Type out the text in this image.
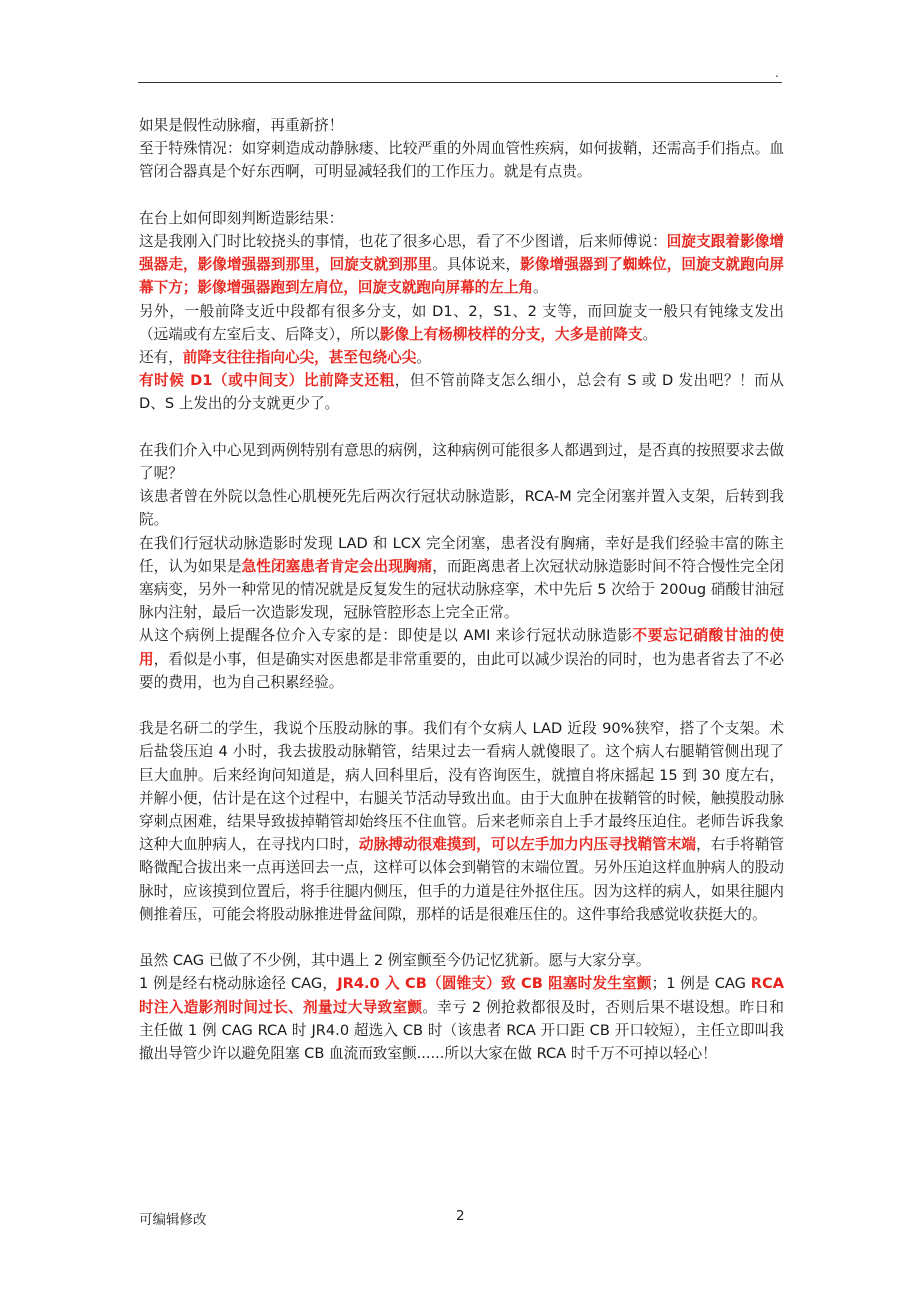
.

如果是假性动脉瘤，再重新挤！

至于特殊情况：如穿刺造成动静脉瘘、比较严重的外周血管性疾病，如何拔鞘，还需高手们指点。血管闭合器真是个好东西啊，可明显减轻我们的工作压力。就是有点贵。

在台上如何即刻判断造影结果：

这是我刚入门时比较挠头的事情，也花了很多心思，看了不少图谱，后来师傅说：回旋支跟着影像增强器走，影像增强器到那里，回旋支就到那里。具体说来，影像增强器到了蜘蛛位，回旋支就跑向屏幕下方；影像增强器跑到左肩位，回旋支就跑向屏幕的左上角。

另外，一般前降支近中段都有很多分支，如 D1、2，S1、2 支等，而回旋支一般只有钝缘支发出（远端或有左室后支、后降支），所以影像上有杨柳枝样的分支，大多是前降支。

还有，前降支往往指向心尖，甚至包绕心尖。

有时候 D1（或中间支）比前降支还粗，但不管前降支怎么细小，总会有 S 或 D 发出吧？！而从 D、S 上发出的分支就更少了。

在我们介入中心见到两例特别有意思的病例，这种病例可能很多人都遇到过，是否真的按照要求去做了呢？

该患者曾在外院以急性心肌梗死先后两次行冠状动脉造影，RCA-M 完全闭塞并置入支架，后转到我院。

在我们行冠状动脉造影时发现 LAD 和 LCX 完全闭塞，患者没有胸痛，幸好是我们经验丰富的陈主任，认为如果是急性闭塞患者肯定会出现胸痛，而距离患者上次冠状动脉造影时间不符合慢性完全闭塞病变，另外一种常见的情况就是反复发生的冠状动脉痉挛，术中先后 5 次给于 200ug 硝酸甘油冠脉内注射，最后一次造影发现，冠脉管腔形态上完全正常。

从这个病例上提醒各位介入专家的是：即使是以 AMI 来诊行冠状动脉造影不要忘记硝酸甘油的使用，看似是小事，但是确实对医患都是非常重要的，由此可以减少误治的同时，也为患者省去了不必要的费用，也为自己积累经验。

我是名研二的学生，我说个压股动脉的事。我们有个女病人 LAD 近段 90%狭窄，搭了个支架。术后盐袋压迫 4 小时，我去拔股动脉鞘管，结果过去一看病人就傻眼了。这个病人右腿鞘管侧出现了巨大血肿。后来经询问知道是，病人回科里后，没有咨询医生，就擅自将床摇起 15 到 30 度左右，并解小便，估计是在这个过程中，右腿关节活动导致出血。由于大血肿在拔鞘管的时候，触摸股动脉穿刺点困难，结果导致拔掉鞘管却始终压不住血管。后来老师亲自上手才最终压迫住。老师告诉我象这种大血肿病人，在寻找内口时，动脉搏动很难摸到，可以左手加力内压寻找鞘管末端，右手将鞘管略微配合拔出来一点再送回去一点，这样可以体会到鞘管的末端位置。另外压迫这样血肿病人的股动脉时，应该摸到位置后，将手往腿内侧压，但手的力道是往外抠住压。因为这样的病人，如果往腿内侧推着压，可能会将股动脉推进骨盆间隙，那样的话是很难压住的。这件事给我感觉收获挺大的。

虽然 CAG 已做了不少例，其中遇上 2 例室颤至今仍记忆犹新。愿与大家分享。

1 例是经右桡动脉途径 CAG，JR4.0 入 CB（圆锥支）致 CB 阻塞时发生室颤；1 例是 CAG RCA 时注入造影剂时间过长、剂量过大导致室颤。幸亏 2 例抢救都很及时，否则后果不堪设想。昨日和主任做 1 例 CAG RCA 时 JR4.0 超选入 CB 时（该患者 RCA 开口距 CB 开口较短），主任立即叫我撤出导管少许以避免阻塞 CB 血流而致室颤......所以大家在做 RCA 时千万不可掉以轻心！

可编辑修改	2
